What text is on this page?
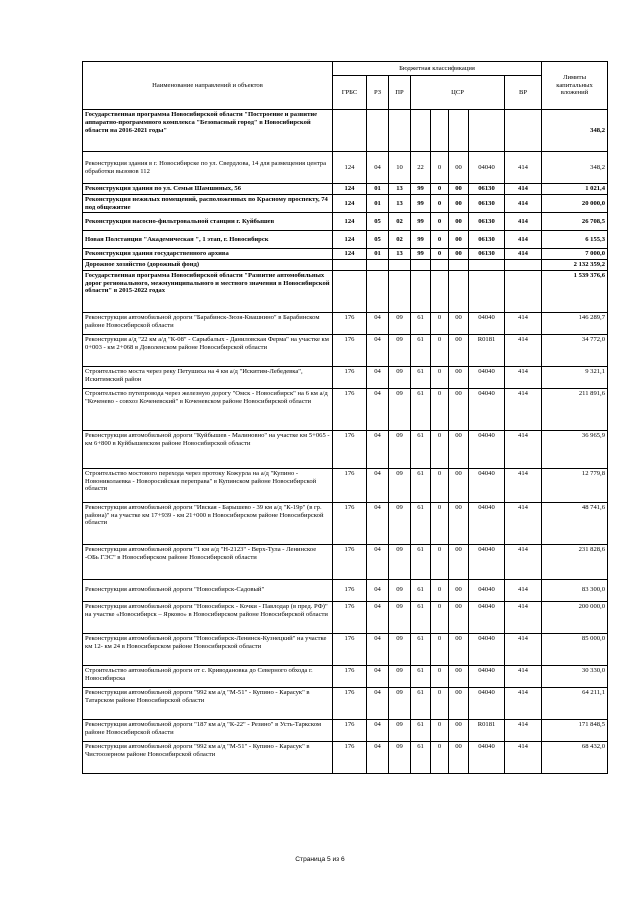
Наименование направлений и объектов	Бюджетная классификация								Лимиты капитальных вложений
	ГРБС	РЗ	ПР	ЦСР				ВР	
Государственная программа Новосибирской области "Построение и развитие аппаратно-программного комплекса "Безопасный город" в Новосибирской области на 2016-2021 годы"									348,2
Реконструкция здания в г. Новосибирске по ул. Свердлова, 14 для размещения центра обработки вызовов 112	124	04	10	22	0	00	04040	414	348,2
Реконструкция здания по ул. Семьи Шамшиных, 56	124	01	13	99	0	00	06130	414	1 021,4
Реконструкция нежилых помещений, расположенных по Красному проспекту, 74 под общежитие	124	01	13	99	0	00	06130	414	20 000,0
Реконструкция насосно-фильтровальной станции г. Куйбышев	124	05	02	99	0	00	06130	414	26 708,5
Новая Полстанция "Академическая ", 1 этап, г. Новосибирск	124	05	02	99	0	00	06130	414	6 155,3
Реконструкция здания государственного архива	124	01	13	99	0	00	06130	414	7 000,0
Дорожное хозяйство (дорожный фонд)									2 132 359,2
Государственная программа Новосибирской области "Развитие автомобильных дорог регионального, межмуниципального и местного значения в Новосибирской области" в 2015-2022 годах									1 539 376,6
Реконструкция автомобильной дороги "Барабинск-Зюзя-Квашнино" в Барабинском районе Новосибирской области	176	04	09	61	0	00	04040	414	146 289,7
Реконструкция а/д "22 км а/д "К-08" - Сарыбалых - Даниловская Ферма" на участке км 0+003 - км 2+068 в Доволенском районе Новосибирской области	176	04	09	61	0	00	R0181	414	34 772,0
Строительство моста через реку Петушиха на 4 км а/д "Искитим-Лебедевка", Искитимский район	176	04	09	61	0	00	04040	414	9 321,1
Строительство путепровода через железную дорогу "Омск - Новосибирск" на 6 км а/д "Коченево - совхоз Коченевский" в Коченевском районе Новосибирской области	176	04	09	61	0	00	04040	414	211 891,6
Реконструкция автомобильной дороги "Куйбышев - Малиновно" на участке км 5+065 - км 6+800 в Куйбышевском районе Новосибирской области	176	04	09	61	0	00	04040	414	36 965,9
Строительство мостового перехода через протоку Кожурла на а/д "Купино - Новониколаевка - Новоросийская переправа" в Купинском районе Новосибирской области	176	04	09	61	0	00	04040	414	12 779,8
Реконструкция автомобильной дороги "Ивская - Барышево - 39 км а/д "К-19р" (в гр. района)" на участке км 17+939 - км 21+000 в Новосибирском районе Новосибирской области	176	04	09	61	0	00	04040	414	48 741,6
Реконструкция автомобильной дороги "1 км а/д "Н-2123" - Верх-Тула - Ленинское -ОБь ГЭС" в Новосибирском районе Новосибирской области	176	04	09	61	0	00	04040	414	231 828,6
Реконструкция автомобильной дороги "Новосибирск-Садовый"	176	04	09	61	0	00	04040	414	83 300,0
Реконструкция автомобильной дороги "Новосибирск - Кочки - Павлодар (в пред. РФ)" на участке «Новосибирск – Ярково» в Новосибирском районе Новосибирской области	176	04	09	61	0	00	04040	414	200 000,0
Реконструкция автомобильной дороги "Новосибирск-Ленинск-Кузнецкий" на участке км 12- км 24 в Новосибирском районе Новосибирской области	176	04	09	61	0	00	04040	414	85 000,0
Строительство автомобильной дороги от с. Криводановка до Северного обхода г. Новосибирска	176	04	09	61	0	00	04040	414	30 330,0
Реконструкция автомобильной дороги "992 км а/д "М-51" - Купино - Карасук" в Татарском районе Новосибирской области	176	04	09	61	0	00	04040	414	64 211,1
Реконструкция автомобильной дороги "187 км а/д "К-22" - Резино" в Усть-Таркском районе Новосибирской области	176	04	09	61	0	00	R0181	414	171 848,5
Реконструкция автомобильной дороги "992 км а/д "М-51" - Купино - Карасук" в Чистоозерном районе Новосибирской области	176	04	09	61	0	00	04040	414	68 432,0
Страница 5 из 6
